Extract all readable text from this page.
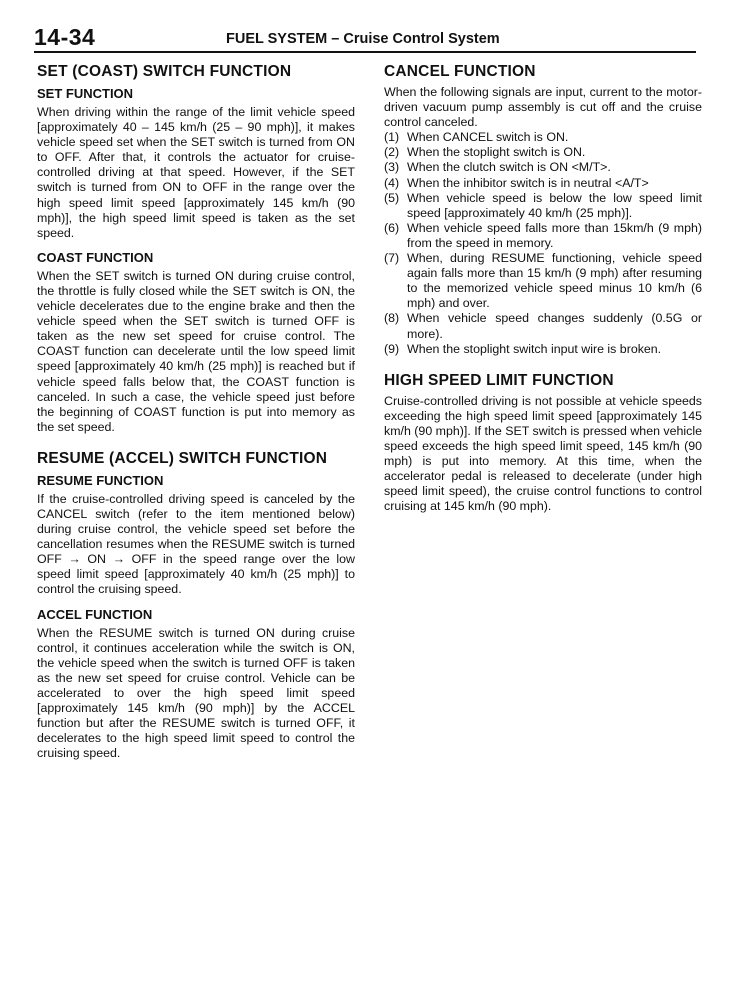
14-34	FUEL SYSTEM – Cruise Control System
SET (COAST) SWITCH FUNCTION
SET FUNCTION

When driving within the range of the limit vehicle speed [approximately 40 – 145 km/h (25 – 90 mph)], it makes vehicle speed set when the SET switch is turned from ON to OFF. After that, it controls the actuator for cruise-controlled driving at that speed. However, if the SET switch is turned from ON to OFF in the range over the high speed limit speed [approximately 145 km/h (90 mph)], the high speed limit speed is taken as the set speed.

COAST FUNCTION

When the SET switch is turned ON during cruise control, the throttle is fully closed while the SET switch is ON, the vehicle decelerates due to the engine brake and then the vehicle speed when the SET switch is turned OFF is taken as the new set speed for cruise control. The COAST function can decelerate until the low speed limit speed [approximately 40 km/h (25 mph)] is reached but if vehicle speed falls below that, the COAST function is canceled. In such a case, the vehicle speed just before the beginning of COAST function is put into memory as the set speed.

RESUME (ACCEL) SWITCH FUNCTION
RESUME FUNCTION

If the cruise-controlled driving speed is canceled by the CANCEL switch (refer to the item mentioned below) during cruise control, the vehicle speed set before the cancellation resumes when the RESUME switch is turned OFF → ON → OFF in the speed range over the low speed limit speed [approximately 40 km/h (25 mph)] to control the cruising speed.

ACCEL FUNCTION

When the RESUME switch is turned ON during cruise control, it continues acceleration while the switch is ON, the vehicle speed when the switch is turned OFF is taken as the new set speed for cruise control. Vehicle can be accelerated to over the high speed limit speed [approximately 145 km/h (90 mph)] by the ACCEL function but after the RESUME switch is turned OFF, it decelerates to the high speed limit speed to control the cruising speed.

CANCEL FUNCTION

When the following signals are input, current to the motor-driven vacuum pump assembly is cut off and the cruise control canceled.

(1) When CANCEL switch is ON.
(2) When the stoplight switch is ON.
(3) When the clutch switch is ON <M/T>.
(4) When the inhibitor switch is in neutral <A/T>
(5) When vehicle speed is below the low speed limit speed [approximately 40 km/h (25 mph)].
(6) When vehicle speed falls more than 15km/h (9 mph) from the speed in memory.
(7) When, during RESUME functioning, vehicle speed again falls more than 15 km/h (9 mph) after resuming to the memorized vehicle speed minus 10 km/h (6 mph) and over.
(8) When vehicle speed changes suddenly (0.5G or more).
(9) When the stoplight switch input wire is broken.
HIGH SPEED LIMIT FUNCTION

Cruise-controlled driving is not possible at vehicle speeds exceeding the high speed limit speed [approximately 145 km/h (90 mph)]. If the SET switch is pressed when vehicle speed exceeds the high speed limit speed, 145 km/h (90 mph) is put into memory. At this time, when the accelerator pedal is released to decelerate (under high speed limit speed), the cruise control functions to control cruising at 145 km/h (90 mph).
